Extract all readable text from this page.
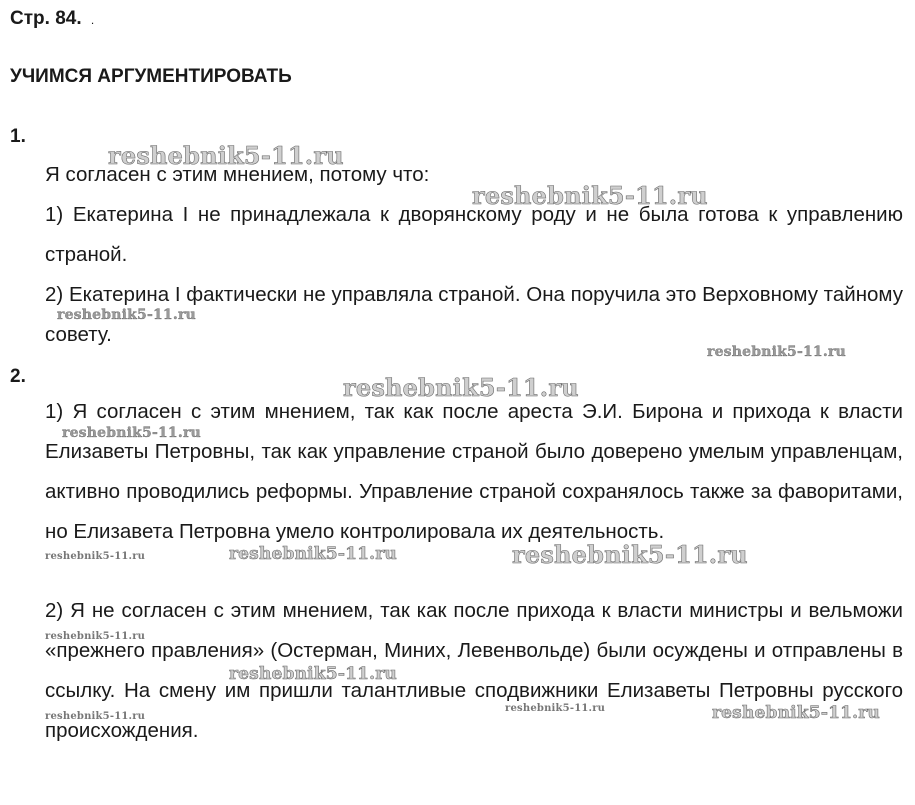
Стр. 84. .
УЧИМСЯ АРГУМЕНТИРОВАТЬ
1.

Я согласен с этим мнением, потому что:

1) Екатерина I не принадлежала к дворянскому роду и не была готова к управлению страной.

2) Екатерина I фактически не управляла страной. Она поручила это Верховному тайному совету.

2.

1) Я согласен с этим мнением, так как после ареста Э.И. Бирона и прихода к власти Елизаветы Петровны, так как управление страной было доверено умелым управленцам, активно проводились реформы. Управление страной сохранялось также за фаворитами, но Елизавета Петровна умело контролировала их деятельность.

2) Я не согласен с этим мнением, так как после прихода к власти министры и вельможи «прежнего правления» (Остерман, Миних, Левенвольде) были осуждены и отправлены в ссылку. На смену им пришли талантливые сподвижники Елизаветы Петровны русского происхождения.

reshebnik5-11.ru
reshebnik5-11.ru
reshebnik5-11.ru
reshebnik5-11.ru
reshebnik5-11.ru
reshebnik5-11.ru
reshebnik5-11.ru	reshebnik5-11.ru	reshebnik5-11.ru
reshebnik5-11.ru
reshebnik5-11.ru
reshebnik5-11.ru
reshebnik5-11.ru	reshebnik5-11.ru
